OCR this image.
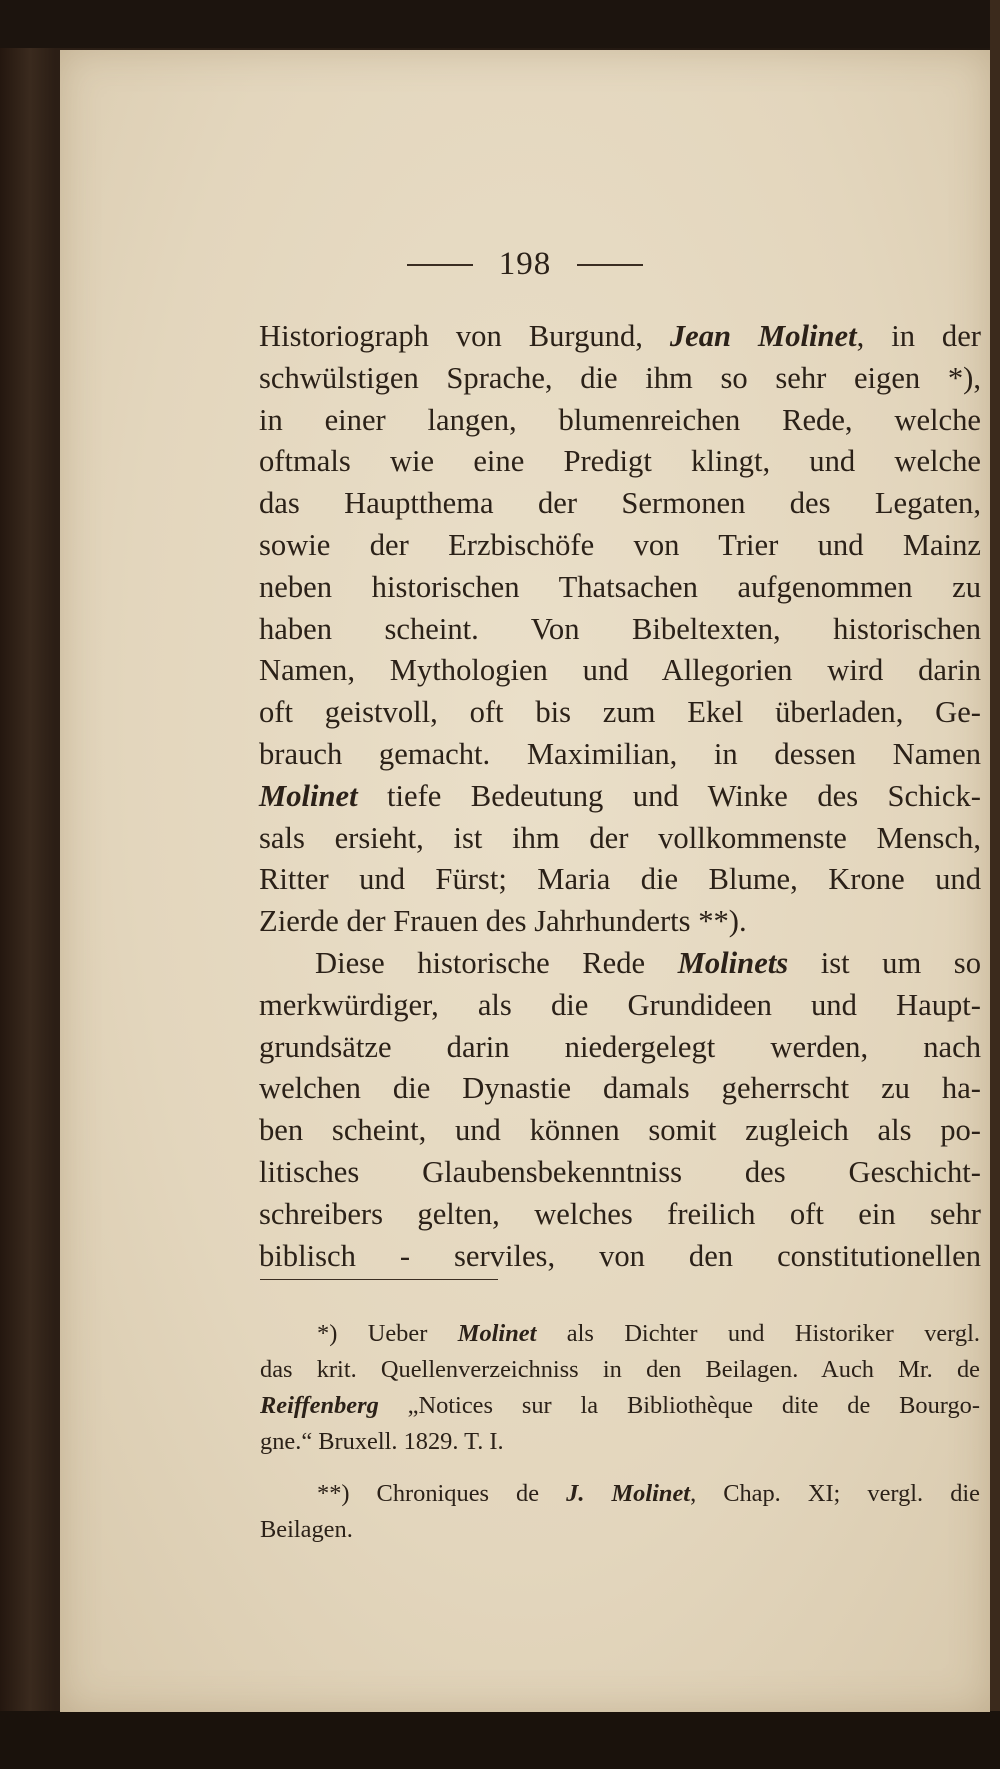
198
Historiograph von Burgund, Jean Molinet, in der
schwülstigen Sprache, die ihm so sehr eigen *),
in einer langen, blumenreichen Rede, welche
oftmals wie eine Predigt klingt, und welche
das Hauptthema der Sermonen des Legaten,
sowie der Erzbischöfe von Trier und Mainz
neben historischen Thatsachen aufgenommen zu
haben scheint. Von Bibeltexten, historischen
Namen, Mythologien und Allegorien wird darin
oft geistvoll, oft bis zum Ekel überladen, Ge-
brauch gemacht. Maximilian, in dessen Namen
Molinet tiefe Bedeutung und Winke des Schick-
sals ersieht, ist ihm der vollkommenste Mensch,
Ritter und Fürst; Maria die Blume, Krone und
Zierde der Frauen des Jahrhunderts **).
Diese historische Rede Molinets ist um so
merkwürdiger, als die Grundideen und Haupt-
grundsätze darin niedergelegt werden, nach
welchen die Dynastie damals geherrscht zu ha-
ben scheint, und können somit zugleich als po-
litisches Glaubensbekenntniss des Geschicht-
schreibers gelten, welches freilich oft ein sehr
biblisch - serviles, von den constitutionellen
*) Ueber Molinet als Dichter und Historiker vergl.
das krit. Quellenverzeichniss in den Beilagen. Auch Mr. de
Reiffenberg „Notices sur la Bibliothèque dite de Bourgo-
gne.“ Bruxell. 1829. T. I.
**) Chroniques de J. Molinet, Chap. XI; vergl. die
Beilagen.
